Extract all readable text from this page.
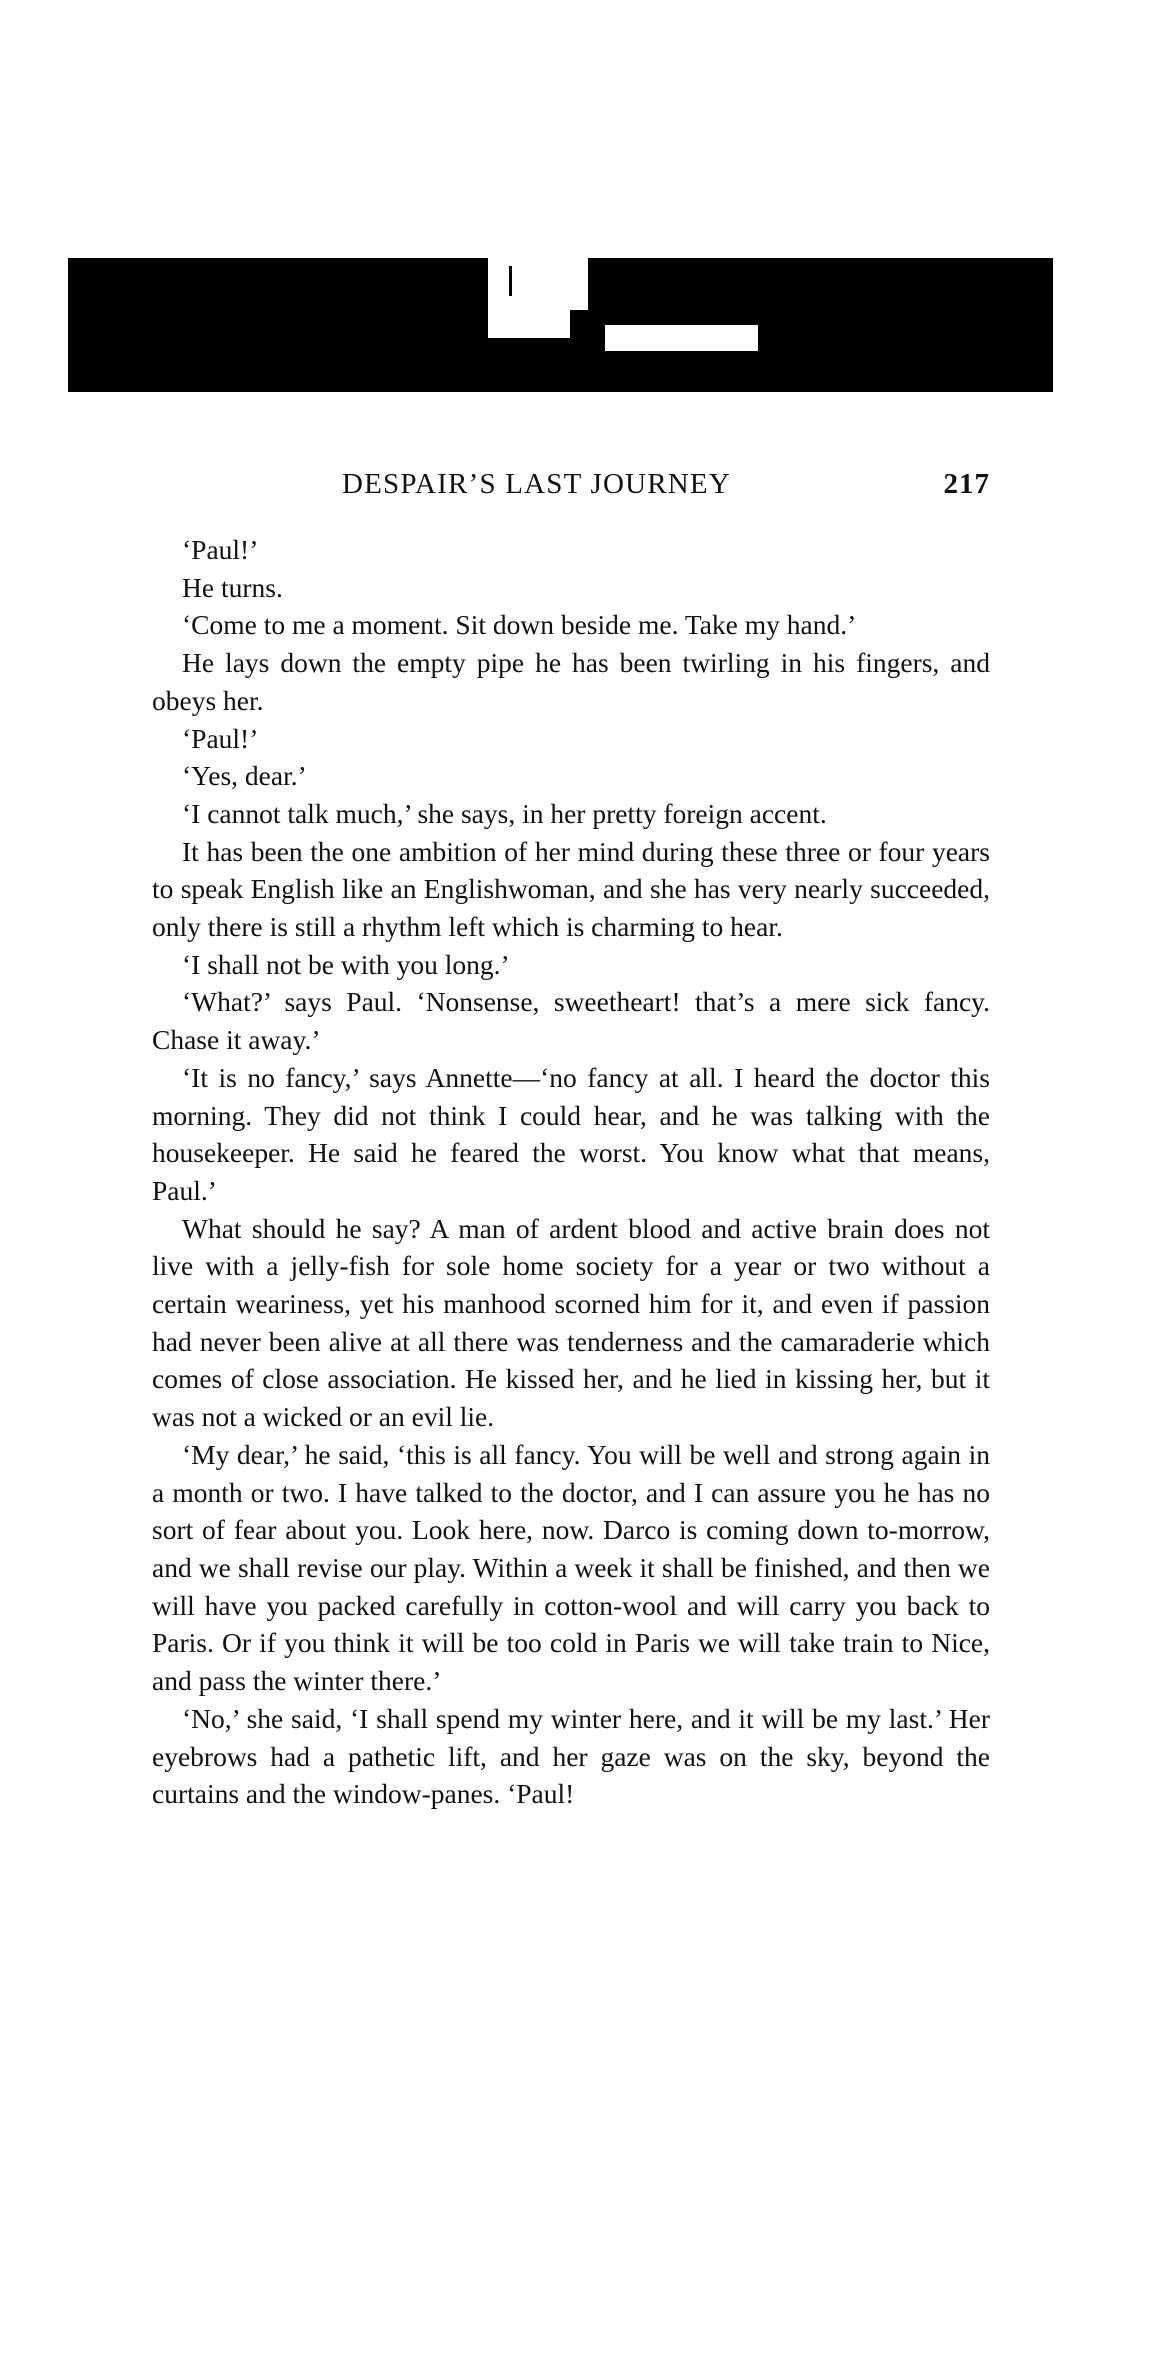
DESPAIR’S LAST JOURNEY	217

‘Paul!’

He turns.

‘Come to me a moment. Sit down beside me. Take my hand.’

He lays down the empty pipe he has been twirling in his fingers, and obeys her.

‘Paul!’

‘Yes, dear.’

‘I cannot talk much,’ she says, in her pretty foreign accent.

It has been the one ambition of her mind during these three or four years to speak English like an Englishwoman, and she has very nearly succeeded, only there is still a rhythm left which is charming to hear.

‘I shall not be with you long.’

‘What?’ says Paul. ‘Nonsense, sweetheart! that’s a mere sick fancy. Chase it away.’

‘It is no fancy,’ says Annette—‘no fancy at all. I heard the doctor this morning. They did not think I could hear, and he was talking with the housekeeper. He said he feared the worst. You know what that means, Paul.’

What should he say? A man of ardent blood and active brain does not live with a jelly-fish for sole home society for a year or two without a certain weariness, yet his manhood scorned him for it, and even if passion had never been alive at all there was tenderness and the camaraderie which comes of close association. He kissed her, and he lied in kissing her, but it was not a wicked or an evil lie.

‘My dear,’ he said, ‘this is all fancy. You will be well and strong again in a month or two. I have talked to the doctor, and I can assure you he has no sort of fear about you. Look here, now. Darco is coming down to-morrow, and we shall revise our play. Within a week it shall be finished, and then we will have you packed carefully in cotton-wool and will carry you back to Paris. Or if you think it will be too cold in Paris we will take train to Nice, and pass the winter there.’

‘No,’ she said, ‘I shall spend my winter here, and it will be my last.’ Her eyebrows had a pathetic lift, and her gaze was on the sky, beyond the curtains and the window-panes. ‘Paul!
